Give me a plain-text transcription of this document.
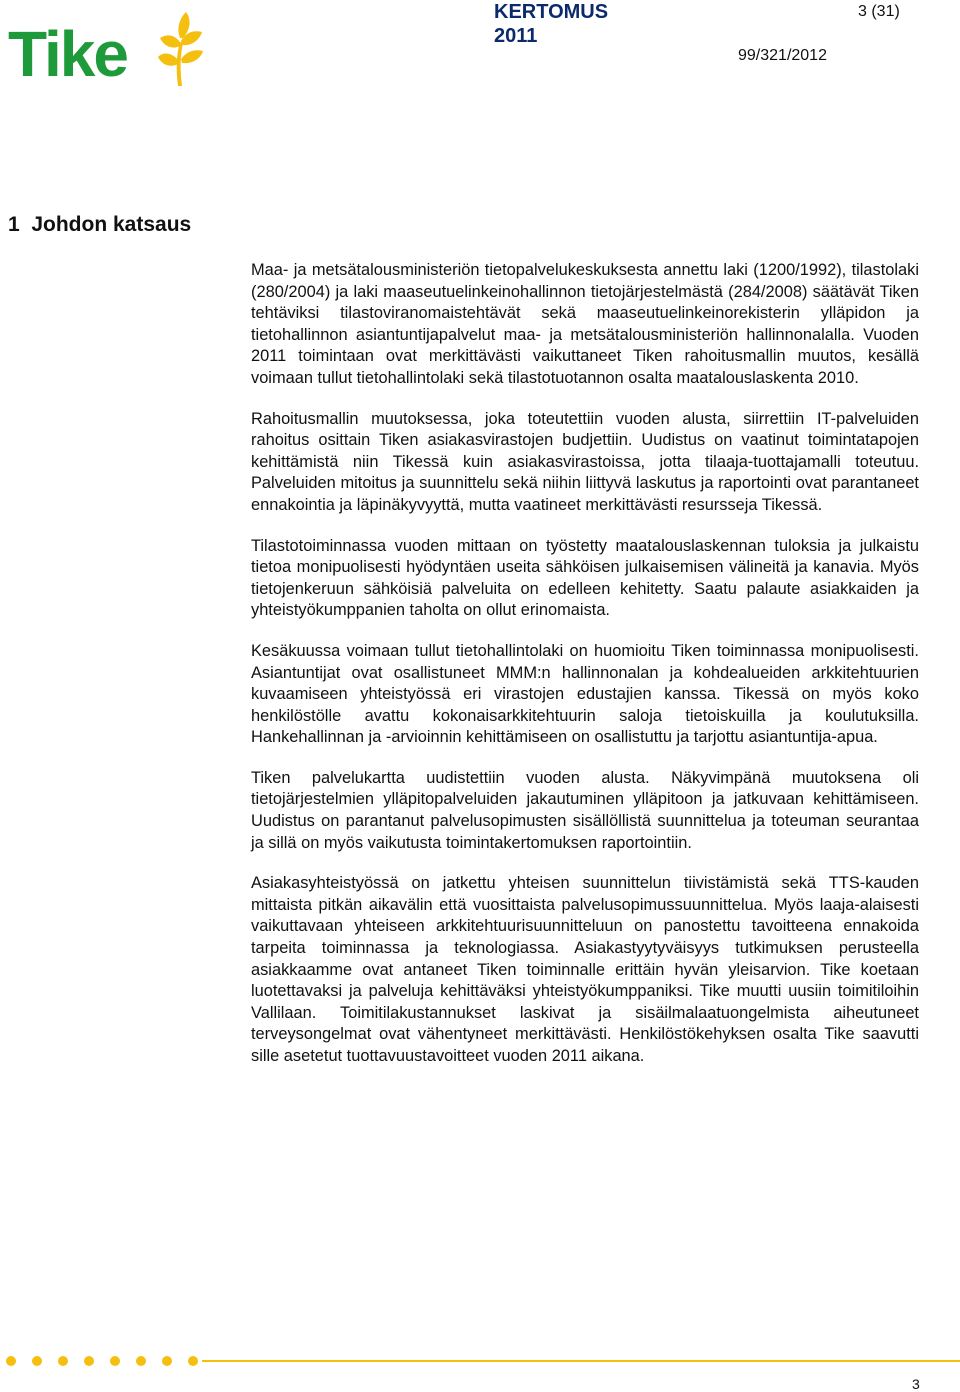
Tike
KERTOMUS
2011
3 (31)
99/321/2012
1  Johdon katsaus

Maa- ja metsätalousministeriön tietopalvelukeskuksesta annettu laki (1200/1992), tilastolaki (280/2004) ja laki maaseutuelinkeinohallinnon tietojärjestelmästä (284/2008) säätävät Tiken tehtäviksi tilastoviranomaistehtävät sekä maaseutuelinkeinorekisterin ylläpidon ja tietohallinnon asiantuntijapalvelut maa- ja metsätalousministeriön hallinnonalalla. Vuoden 2011 toimintaan ovat merkittävästi vaikuttaneet Tiken rahoitusmallin muutos, kesällä voimaan tullut tietohallintolaki sekä tilastotuotannon osalta maatalouslaskenta 2010.

Rahoitusmallin muutoksessa, joka toteutettiin vuoden alusta, siirrettiin IT-palveluiden rahoitus osittain Tiken asiakasvirastojen budjettiin. Uudistus on vaatinut toimintatapojen kehittämistä niin Tikessä kuin asiakasvirastoissa, jotta tilaaja-tuottajamalli toteutuu. Palveluiden mitoitus ja suunnittelu sekä niihin liittyvä laskutus ja raportointi ovat parantaneet ennakointia ja läpinäkyvyyttä, mutta vaatineet merkittävästi resursseja Tikessä.

Tilastotoiminnassa vuoden mittaan on työstetty maatalouslaskennan tuloksia ja julkaistu tietoa monipuolisesti hyödyntäen useita sähköisen julkaisemisen välineitä ja kanavia. Myös tietojenkeruun sähköisiä palveluita on edelleen kehitetty. Saatu palaute asiakkaiden ja yhteistyökumppanien taholta on ollut erinomaista.

Kesäkuussa voimaan tullut tietohallintolaki on huomioitu Tiken toiminnassa monipuolisesti. Asiantuntijat ovat osallistuneet MMM:n hallinnonalan ja kohdealueiden arkkitehtuurien kuvaamiseen yhteistyössä eri virastojen edustajien kanssa. Tikessä on myös koko henkilöstölle avattu kokonaisarkkitehtuurin saloja tietoiskuilla ja koulutuksilla. Hankehallinnan ja -arvioinnin kehittämiseen on osallistuttu ja tarjottu asiantuntija-apua.

Tiken palvelukartta uudistettiin vuoden alusta. Näkyvimpänä muutoksena oli tietojärjestelmien ylläpitopalveluiden jakautuminen ylläpitoon ja jatkuvaan kehittämiseen. Uudistus on parantanut palvelusopimusten sisällöllistä suunnittelua ja toteuman seurantaa ja sillä on myös vaikutusta toimintakertomuksen raportointiin.

Asiakasyhteistyössä on jatkettu yhteisen suunnittelun tiivistämistä sekä TTS-kauden mittaista pitkän aikavälin että vuosittaista palvelusopimussuunnittelua. Myös laaja-alaisesti vaikuttavaan yhteiseen arkkitehtuurisuunnitteluun on panostettu tavoitteena ennakoida tarpeita toiminnassa ja teknologiassa. Asiakastyytyväisyys tutkimuksen perusteella asiakkaamme ovat antaneet Tiken toiminnalle erittäin hyvän yleisarvion. Tike koetaan luotettavaksi ja palveluja kehittäväksi yhteistyökumppaniksi. Tike muutti uusiin toimitiloihin Vallilaan. Toimitilakustannukset laskivat ja sisäilmalaatuongelmista aiheutuneet terveysongelmat ovat vähentyneet merkittävästi. Henkilöstökehyksen osalta Tike saavutti sille asetetut tuottavuustavoitteet vuoden 2011 aikana.

3
